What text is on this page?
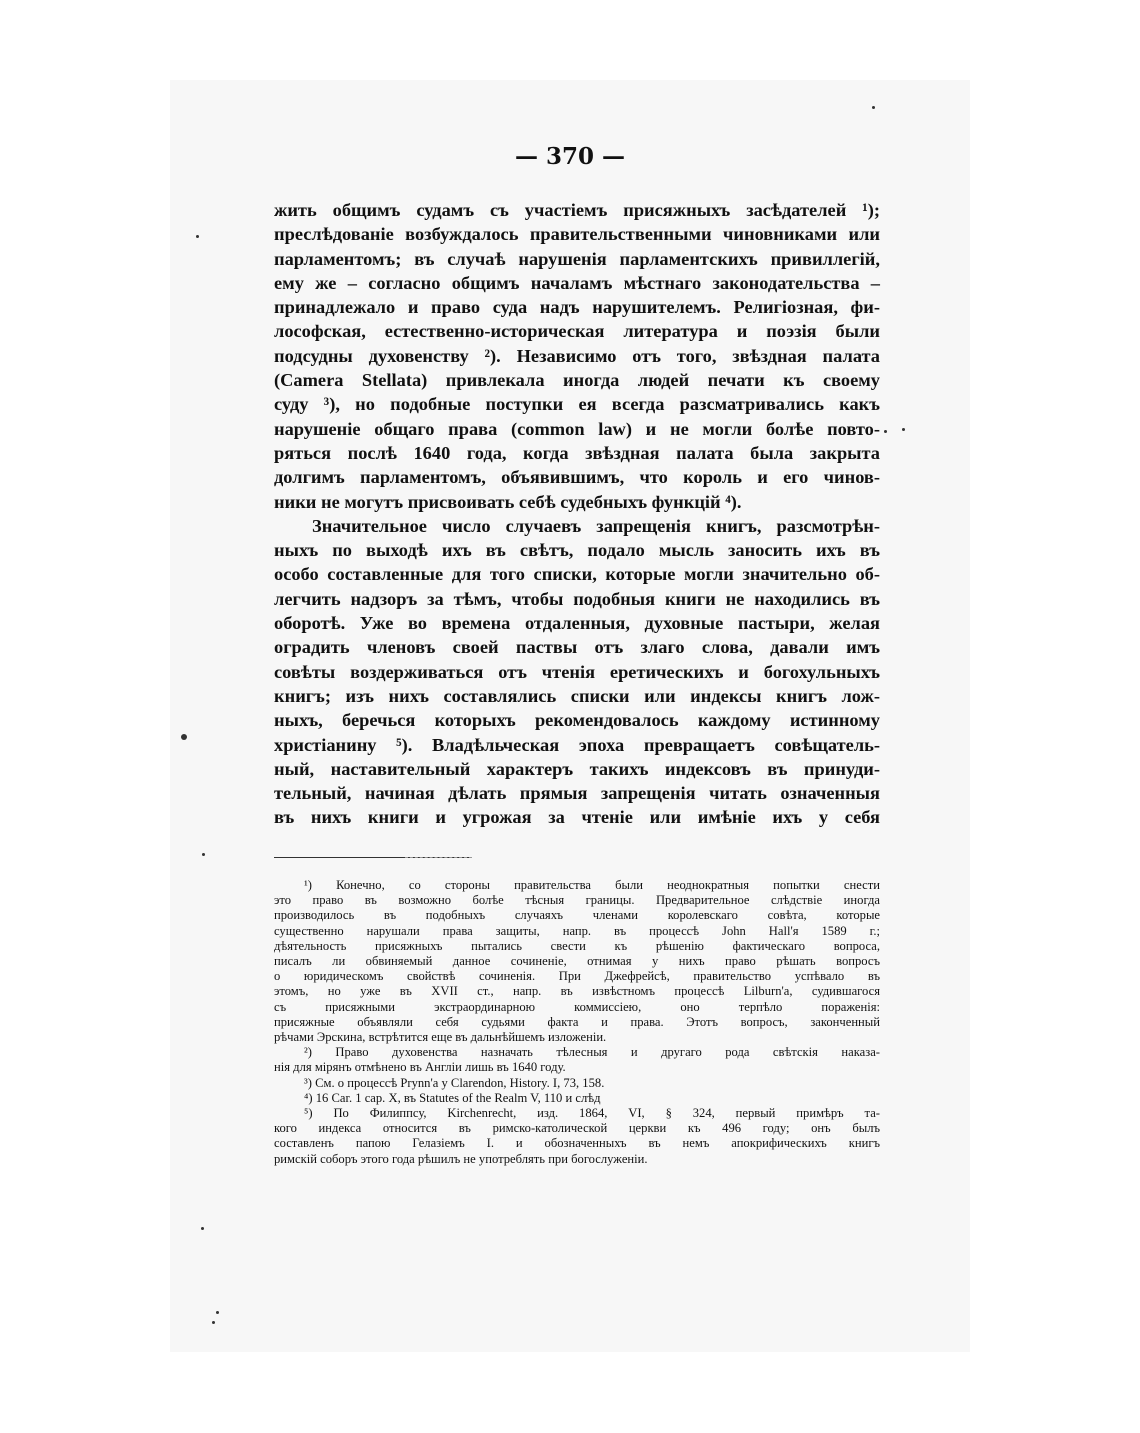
— 370 —
жить общимъ судамъ съ участіемъ присяжныхъ засѣдателей ¹);
преслѣдованіе возбуждалось правительственными чиновниками или
парламентомъ; въ случаѣ нарушенія парламентскихъ привиллегій,
ему же – согласно общимъ началамъ мѣстнаго законодательства –
принадлежало и право суда надъ нарушителемъ. Религіозная, фи-
лософская, естественно-историческая литература и поэзія были
подсудны духовенству ²). Независимо отъ того, звѣздная палата
(Camera Stellata) привлекала иногда людей печати къ своему
суду ³), но подобные поступки ея всегда разсматривались какъ
нарушеніе общаго права (common law) и не могли болѣе повто-
ряться послѣ 1640 года, когда звѣздная палата была закрыта
долгимъ парламентомъ, объявившимъ, что король и его чинов-
ники не могутъ присвоивать себѣ судебныхъ функцій ⁴).
Значительное число случаевъ запрещенія книгъ, разсмотрѣн-
ныхъ по выходѣ ихъ въ свѣтъ, подало мысль заносить ихъ въ
особо составленные для того списки, которые могли значительно об-
легчить надзоръ за тѣмъ, чтобы подобныя книги не находились въ
оборотѣ. Уже во времена отдаленныя, духовные пастыри, желая
оградить членовъ своей паствы отъ злаго слова, давали имъ
совѣты воздерживаться отъ чтенія еретическихъ и богохульныхъ
книгъ; изъ нихъ составлялись списки или индексы книгъ лож-
ныхъ, беречься которыхъ рекомендовалось каждому истинному
христіанину ⁵). Владѣльческая эпоха превращаетъ совѣщатель-
ный, наставительный характеръ такихъ индексовъ въ принуди-
тельный, начиная дѣлать прямыя запрещенія читать означенныя
въ нихъ книги и угрожая за чтеніе или имѣніе ихъ у себя
¹) Конечно, со стороны правительства были неоднократныя попытки снести
это право въ возможно болѣе тѣсныя границы. Предварительное слѣдствіе иногда
производилось въ подобныхъ случаяхъ членами королевскаго совѣта, которые
существенно нарушали права защиты, напр. въ процессѣ John Hall'я 1589 г.;
дѣятельность присяжныхъ пытались свести къ рѣшенію фактическаго вопроса,
писалъ ли обвиняемый данное сочиненіе, отнимая у нихъ право рѣшать вопросъ
о юридическомъ свойствѣ сочиненія. При Джефрейсѣ, правительство успѣвало въ
этомъ, но уже въ XVII ст., напр. въ извѣстномъ процессѣ Lilburn'а, судившагося
съ присяжными экстраординарною коммиссіею, оно терпѣло пораженія:
присяжные объявляли себя судьями факта и права. Этотъ вопросъ, законченный
рѣчами Эрскина, встрѣтится еще въ дальнѣйшемъ изложеніи.
²) Право духовенства назначать тѣлесныя и другаго рода свѣтскія наказа-
нія для мірянъ отмѣнено въ Англіи лишь въ 1640 году.
³) См. о процессѣ Prynn'а у Clarendon, History. I, 73, 158.
⁴) 16 Car. 1 cap. X, въ Statutes of the Realm V, 110 и слѣд
⁵) По Филиппсу, Kirchenrecht, изд. 1864, VI, § 324, первый примѣръ та-
кого индекса относится въ римско-католической церкви къ 496 году; онъ былъ
составленъ папою Гелазіемъ I. и обозначенныхъ въ немъ апокрифическихъ книгъ
римскій соборъ этого года рѣшилъ не употреблять при богослуженіи.
